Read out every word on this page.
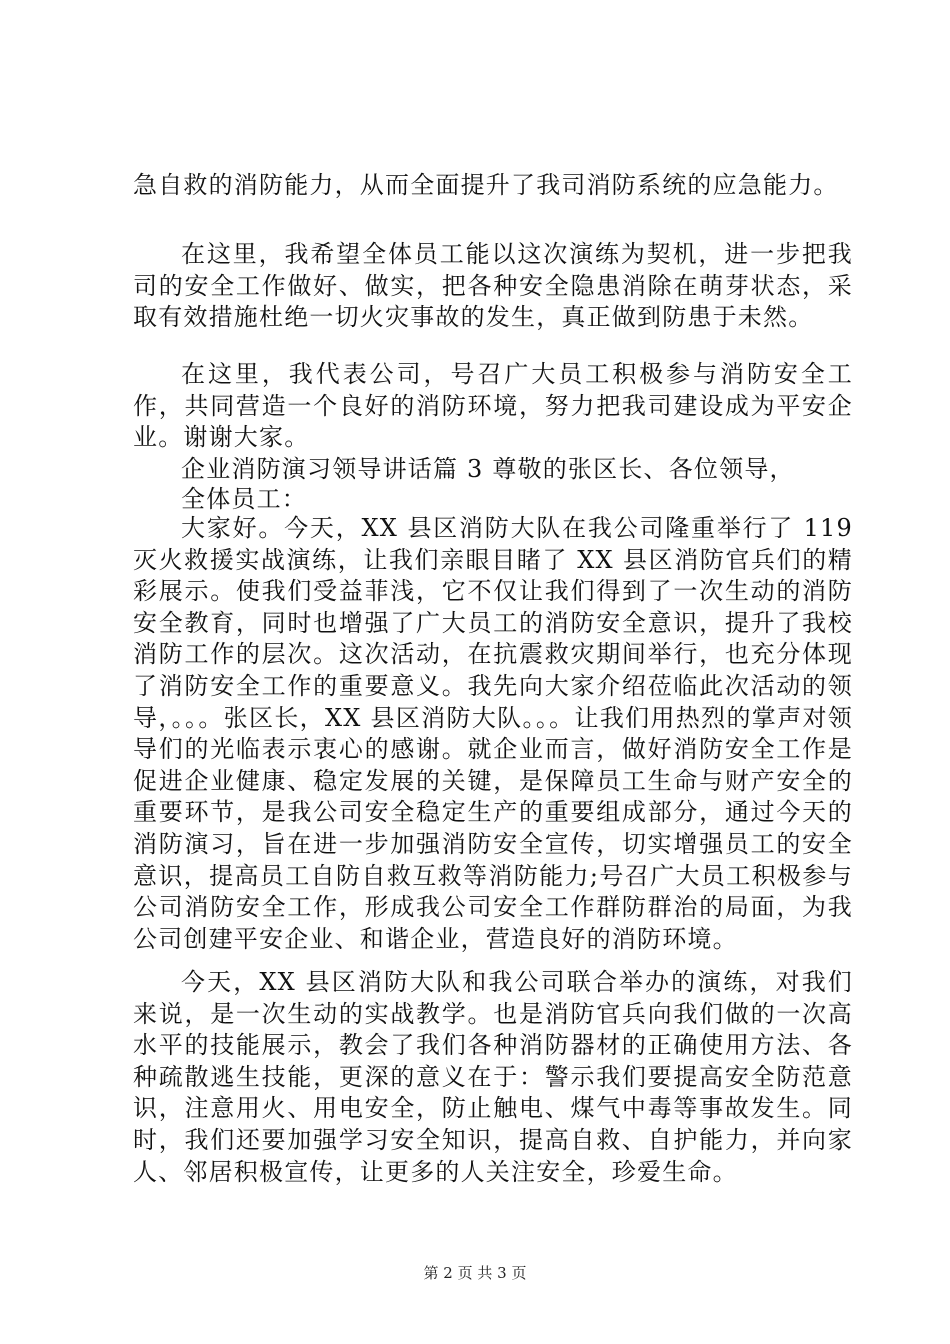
急自救的消防能力，从而全面提升了我司消防系统的应急能力。

在这里，我希望全体员工能以这次演练为契机，进一步把我司的安全工作做好、做实，把各种安全隐患消除在萌芽状态，采取有效措施杜绝一切火灾事故的发生，真正做到防患于未然。

在这里，我代表公司，号召广大员工积极参与消防安全工作，共同营造一个良好的消防环境，努力把我司建设成为平安企业。谢谢大家。

企业消防演习领导讲话篇 3 尊敬的张区长、各位领导，

全体员工：

大家好。今天，XX 县区消防大队在我公司隆重举行了 119 灭火救援实战演练，让我们亲眼目睹了 XX 县区消防官兵们的精彩展示。使我们受益菲浅，它不仅让我们得到了一次生动的消防安全教育，同时也增强了广大员工的消防安全意识，提升了我校消防工作的层次。这次活动，在抗震救灾期间举行，也充分体现了消防安全工作的重要意义。我先向大家介绍莅临此次活动的领导，。。。张区长，XX 县区消防大队。。。让我们用热烈的掌声对领导们的光临表示衷心的感谢。就企业而言，做好消防安全工作是促进企业健康、稳定发展的关键，是保障员工生命与财产安全的重要环节，是我公司安全稳定生产的重要组成部分，通过今天的消防演习，旨在进一步加强消防安全宣传，切实增强员工的安全意识，提高员工自防自救互救等消防能力;号召广大员工积极参与公司消防安全工作，形成我公司安全工作群防群治的局面，为我公司创建平安企业、和谐企业，营造良好的消防环境。

今天，XX 县区消防大队和我公司联合举办的演练，对我们来说，是一次生动的实战教学。也是消防官兵向我们做的一次高水平的技能展示，教会了我们各种消防器材的正确使用方法、各种疏散逃生技能，更深的意义在于：警示我们要提高安全防范意识，注意用火、用电安全，防止触电、煤气中毒等事故发生。同时，我们还要加强学习安全知识，提高自救、自护能力，并向家人、邻居积极宣传，让更多的人关注安全，珍爱生命。

第 2 页 共 3 页
